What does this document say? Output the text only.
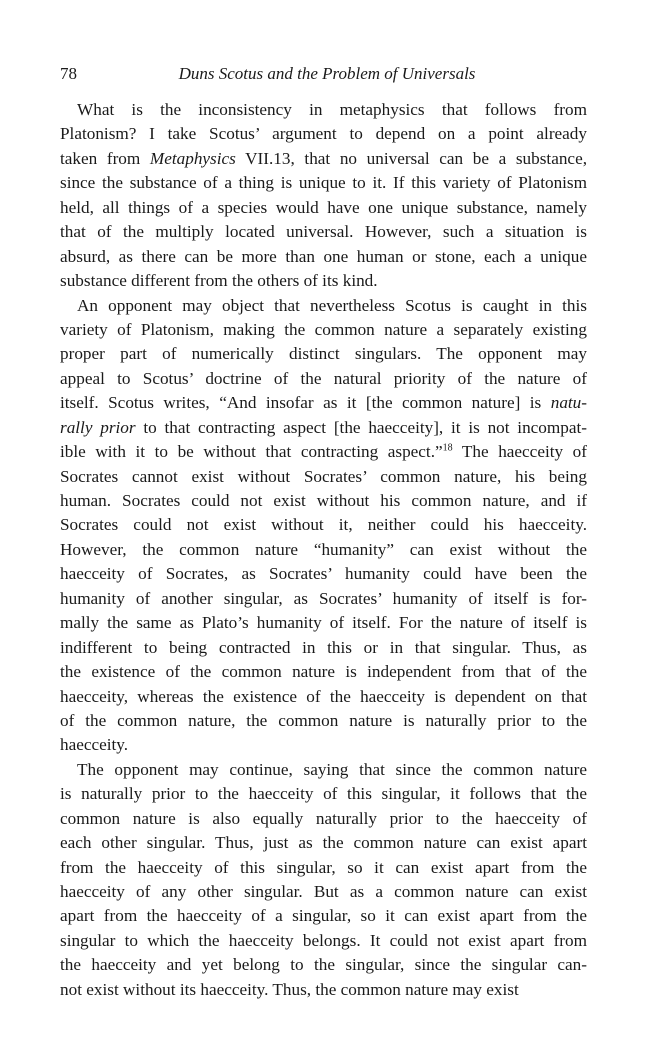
78	Duns Scotus and the Problem of Universals
What is the inconsistency in metaphysics that follows from
Platonism? I take Scotus’ argument to depend on a point already
taken from Metaphysics VII.13, that no universal can be a substance,
since the substance of a thing is unique to it. If this variety of Platonism
held, all things of a species would have one unique substance, namely
that of the multiply located universal. However, such a situation is
absurd, as there can be more than one human or stone, each a unique
substance different from the others of its kind.
An opponent may object that nevertheless Scotus is caught in this
variety of Platonism, making the common nature a separately existing
proper part of numerically distinct singulars. The opponent may
appeal to Scotus’ doctrine of the natural priority of the nature of
itself. Scotus writes, “And insofar as it [the common nature] is natu-
rally prior to that contracting aspect [the haecceity], it is not incompat-
ible with it to be without that contracting aspect.”$^{18}$ The haecceity of
Socrates cannot exist without Socrates’ common nature, his being
human. Socrates could not exist without his common nature, and if
Socrates could not exist without it, neither could his haecceity.
However, the common nature “humanity” can exist without the
haecceity of Socrates, as Socrates’ humanity could have been the
humanity of another singular, as Socrates’ humanity of itself is for-
mally the same as Plato’s humanity of itself. For the nature of itself is
indifferent to being contracted in this or in that singular. Thus, as
the existence of the common nature is independent from that of the
haecceity, whereas the existence of the haecceity is dependent on that
of the common nature, the common nature is naturally prior to the
haecceity.
The opponent may continue, saying that since the common nature
is naturally prior to the haecceity of this singular, it follows that the
common nature is also equally naturally prior to the haecceity of
each other singular. Thus, just as the common nature can exist apart
from the haecceity of this singular, so it can exist apart from the
haecceity of any other singular. But as a common nature can exist
apart from the haecceity of a singular, so it can exist apart from the
singular to which the haecceity belongs. It could not exist apart from
the haecceity and yet belong to the singular, since the singular can-
not exist without its haecceity. Thus, the common nature may exist
